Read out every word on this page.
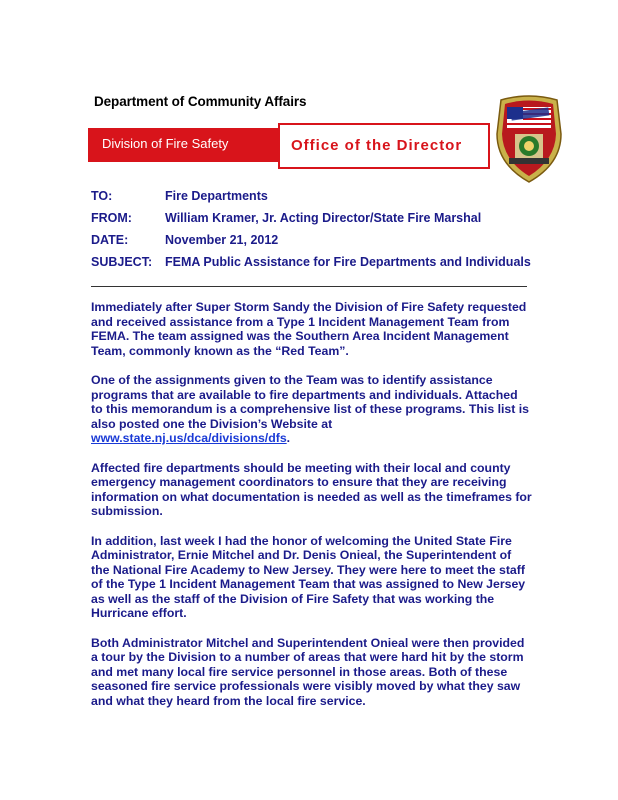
Department of Community Affairs
Division of Fire Safety	Office of the Director
TO:	Fire Departments
FROM:	William Kramer, Jr. Acting Director/State Fire Marshal
DATE:	November 21, 2012
SUBJECT: FEMA Public Assistance for Fire Departments and Individuals

Immediately after Super Storm Sandy the Division of Fire Safety requested
and received assistance from a Type 1 Incident Management Team from
FEMA. The team assigned was the Southern Area Incident Management
Team, commonly known as the “Red Team”.

One of the assignments given to the Team was to identify assistance
programs that are available to fire departments and individuals. Attached
to this memorandum is a comprehensive list of these programs. This list is
also posted one the Division’s Website at
www.state.nj.us/dca/divisions/dfs.

Affected fire departments should be meeting with their local and county
emergency management coordinators to ensure that they are receiving
information on what documentation is needed as well as the timeframes for
submission.

In addition, last week I had the honor of welcoming the United State Fire
Administrator, Ernie Mitchel and Dr. Denis Onieal, the Superintendent of
the National Fire Academy to New Jersey. They were here to meet the staff
of the Type 1 Incident Management Team that was assigned to New Jersey
as well as the staff of the Division of Fire Safety that was working the
Hurricane effort.

Both Administrator Mitchel and Superintendent Onieal were then provided
a tour by the Division to a number of areas that were hard hit by the storm
and met many local fire service personnel in those areas. Both of these
seasoned fire service professionals were visibly moved by what they saw
and what they heard from the local fire service.
